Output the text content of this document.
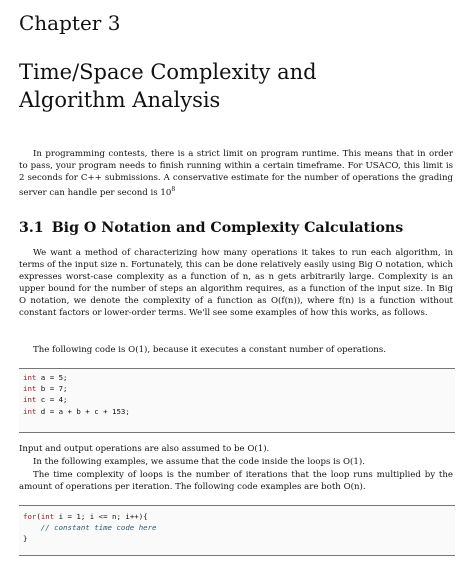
Chapter 3
Time/Space Complexity and
Algorithm Analysis
In programming contests, there is a strict limit on program runtime. This means that in order to pass, your program needs to finish running within a certain timeframe. For USACO, this limit is 2 seconds for C++ submissions. A conservative estimate for the number of operations the grading server can handle per second is $10^8$
3.1 Big O Notation and Complexity Calculations
We want a method of characterizing how many operations it takes to run each algorithm, in terms of the input size n. Fortunately, this can be done relatively easily using Big O notation, which expresses worst-case complexity as a function of n, as n gets arbitrarily large. Complexity is an upper bound for the number of steps an algorithm requires, as a function of the input size. In Big O notation, we denote the complexity of a function as O(f(n)), where f(n) is a function without constant factors or lower-order terms. We'll see some examples of how this works, as follows.
The following code is O(1), because it executes a constant number of operations.
int a = 5;
int b = 7;
int c = 4;
int d = a + b + c + 153;
Input and output operations are also assumed to be O(1).
In the following examples, we assume that the code inside the loops is O(1).
The time complexity of loops is the number of iterations that the loop runs multiplied by the amount of operations per iteration. The following code examples are both O(n).
for(int i = 1; i <= n; i++){
// constant time code here
}
